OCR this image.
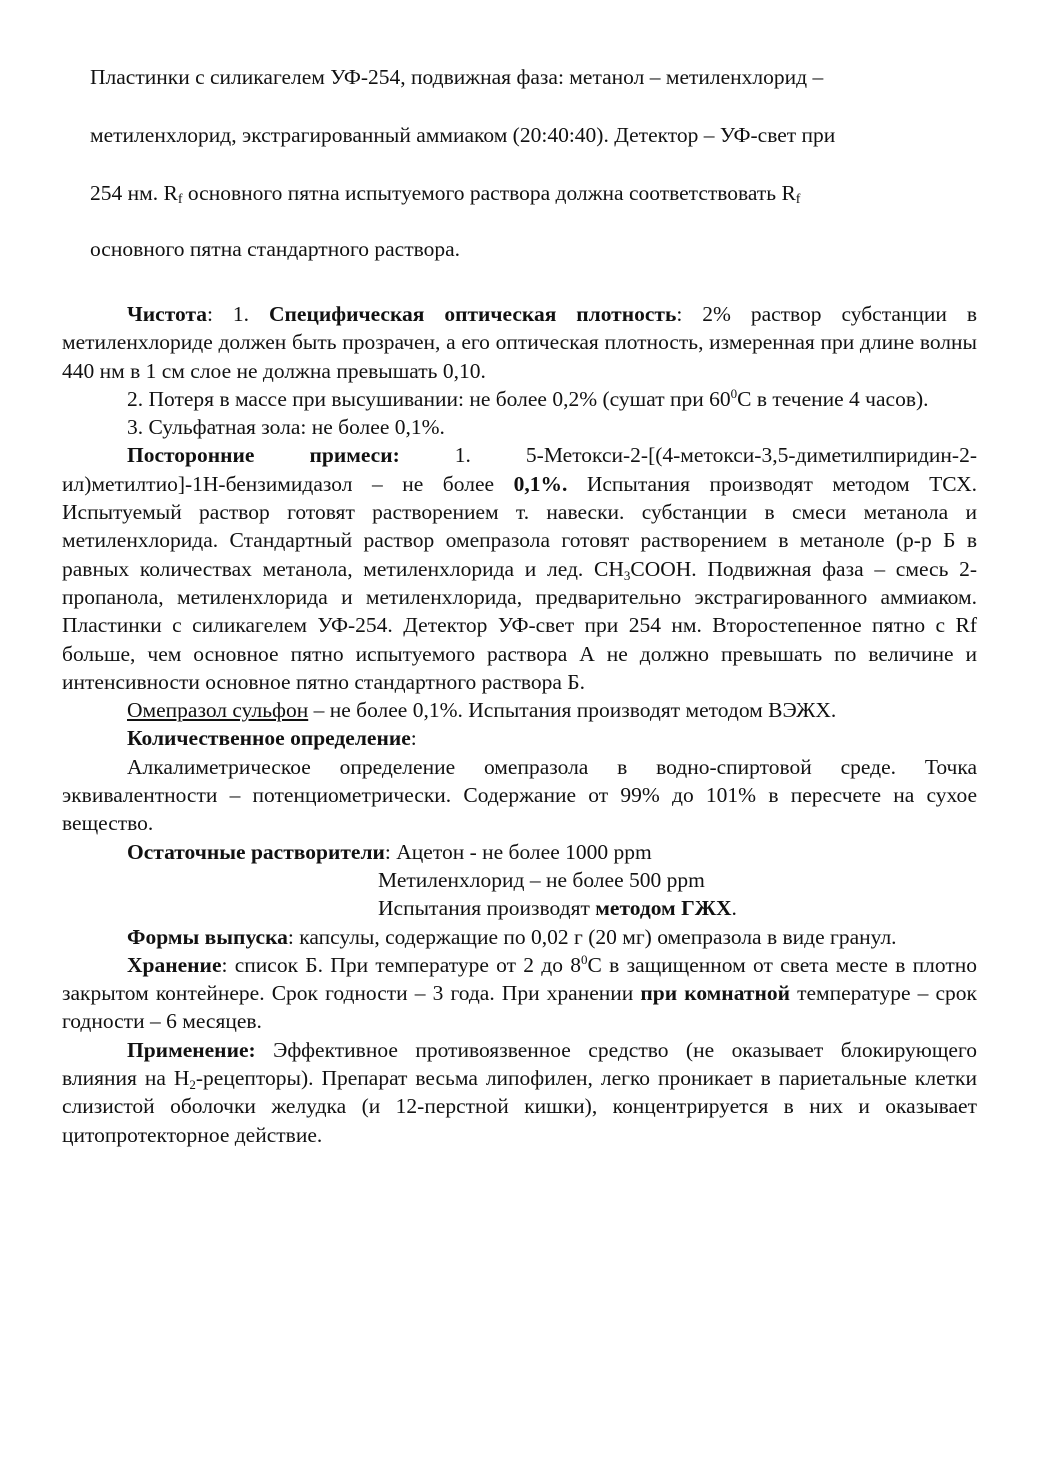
Пластинки с силикагелем УФ-254, подвижная фаза: метанол – метиленхлорид –
метиленхлорид, экстрагированный аммиаком (20:40:40). Детектор – УФ-свет при
254 нм. Rf основного пятна испытуемого раствора должна соответствовать Rf
основного пятна стандартного раствора.

Чистота: 1. Специфическая оптическая плотность: 2% раствор субстанции в метиленхлориде должен быть прозрачен, а его оптическая плотность, измеренная при длине волны 440 нм в 1 см слое не должна превышать 0,10.

2. Потеря в массе при высушивании: не более 0,2% (сушат при $60^0С$ в течение 4 часов).

3. Сульфатная зола: не более 0,1%.

Посторонние примеси: 1. 5-Метокси-2-[(4-метокси-3,5-диметилпиридин-2-ил)метилтио]-1Н-бензимидазол – не более 0,1%. Испытания производят методом ТСХ. Испытуемый раствор готовят растворением т. навески. субстанции в смеси метанола и метиленхлорида. Стандартный раствор омепразола готовят растворением в метаноле (р-р Б в равных количествах метанола, метиленхлорида и лед. $СН_3СООН$. Подвижная фаза – смесь 2-пропанола, метиленхлорида и метиленхлорида, предварительно экстрагированного аммиаком. Пластинки с силикагелем УФ-254. Детектор УФ-свет при 254 нм. Второстепенное пятно с Rf больше, чем основное пятно испытуемого раствора А не должно превышать по величине и интенсивности основное пятно стандартного раствора Б.

Омепразол сульфон – не более 0,1%. Испытания производят методом ВЭЖХ.

Количественное определение:

Алкалиметрическое определение омепразола в водно-спиртовой среде. Точка эквивалентности – потенциометрически. Содержание от 99% до 101% в пересчете на сухое вещество.

Остаточные растворители: Ацетон - не более 1000 ppm

Метиленхлорид – не более 500 ppm

Испытания производят методом ГЖХ.

Формы выпуска: капсулы, содержащие по 0,02 г (20 мг) омепразола в виде гранул.

Хранение: список Б. При температуре от 2 до $8^0С$ в защищенном от света месте в плотно закрытом контейнере. Срок годности – 3 года. При хранении при комнатной температуре – срок годности – 6 месяцев.

Применение: Эффективное противоязвенное средство (не оказывает блокирующего влияния на $Н_2-рецепторы$). Препарат весьма липофилен, легко проникает в париетальные клетки слизистой оболочки желудка (и 12-перстной кишки), концентрируется в них и оказывает цитопротекторное действие.
